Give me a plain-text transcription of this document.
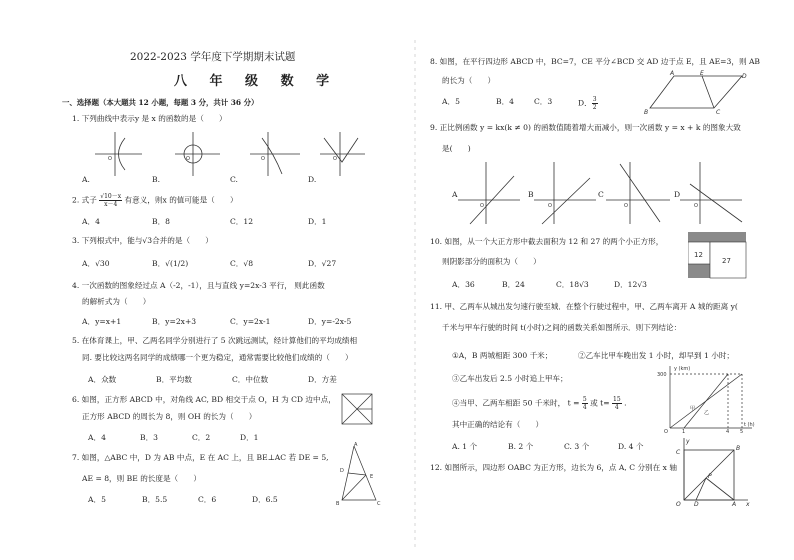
2022-2023 学年度下学期期末试题
八 年 级 数 学
一、选择题（本大题共 12 小题，每题 3 分，共计 36 分）
1. 下列曲线中表示y 是 x 的函数的是（　　）
O	O	O	O
A.	B.	C.	D.
2. 式子 $\frac{√10-x}{x-4}$ 有意义，则x 的值可能是（　　）
A．4	B．8	C．12	D．1
3. 下列根式中，能与√3合并的是（　　）
A．√30	B．√(1/2)	C．√8	D．√27
4. 一次函数的图象经过点 A（-2，-1），且与直线 y=2x-3 平行， 则此函数
的解析式为（　　）
A．y=x+1	B．y=2x+3	C．y=2x-1	D．y=-2x-5
5. 在体育课上，甲、乙两名同学分别进行了 5 次跳远测试，经计算他们的平均成绩相
同. 要比较这两名同学的成绩哪一个更为稳定，通常需要比较他们成绩的（　　）
A．众数	B．平均数	C．中位数	D．方差
6. 如图，正方形 ABCD 中，对角线 AC, BD 相交于点 O，H 为 CD 边中点，
正方形 ABCD 的周长为 8，则 OH 的长为（　　）
A．4	B．3	C．2	D．1
7. 如图，△ABC 中，D 为 AB 中点，E 在 AC 上，且 BE⊥AC 若 DE = 5,
AE = 8，则 BE 的长度是（　　）
A．5	B．5.5	C．6	D．6.5
A
D
E
B	C
8. 如图，在平行四边形 ABCD 中，BC=7，CE 平分∠BCD 交 AD 边于点 E，且 AE=3，则 AB
的长为（　　）
A．5	B．4	C．3	D． $\frac{3}{2}$
A	E	D
B	C
9. 正比例函数 y = kx(k ≠ 0) 的函数值随着增大而减小，则一次函数 y = x + k 的图象大致
是(　　)
O	O	O	O
A	B	C	D
10. 如图，从一个大正方形中截去面积为 12 和 27 的两个小正方形，
则阴影部分的面积为（　　）
A．36	B．24	C．18√3	D．12√3
12
27
11. 甲、乙两车从城出发匀速行驶至城．在整个行驶过程中，甲、乙两车离开 A 城的距离 y(
千米与甲车行驶的时间 t(小时)之间的函数关系如图所示．则下列结论：
①A，B 两城相距 300 千米；	②乙车比甲车晚出发 1 小时，却早到 1 小时；
③乙车出发后 2.5 小时追上甲车；
④当甲、乙两车相距 50 千米时， $t = \frac{5}{4}$ 或 $t= \frac{15}{4}$ .
其中正确的结论有（　　）
A. 1 个	B. 2 个	C. 3 个	D. 4 个
y (km)
300
甲
乙
O	1	4 5
t (h)
12. 如图所示，四边形 OABC 为正方形，边长为 6，点 A, C 分别在 x 轴
y
C
B
P
O D	A x
